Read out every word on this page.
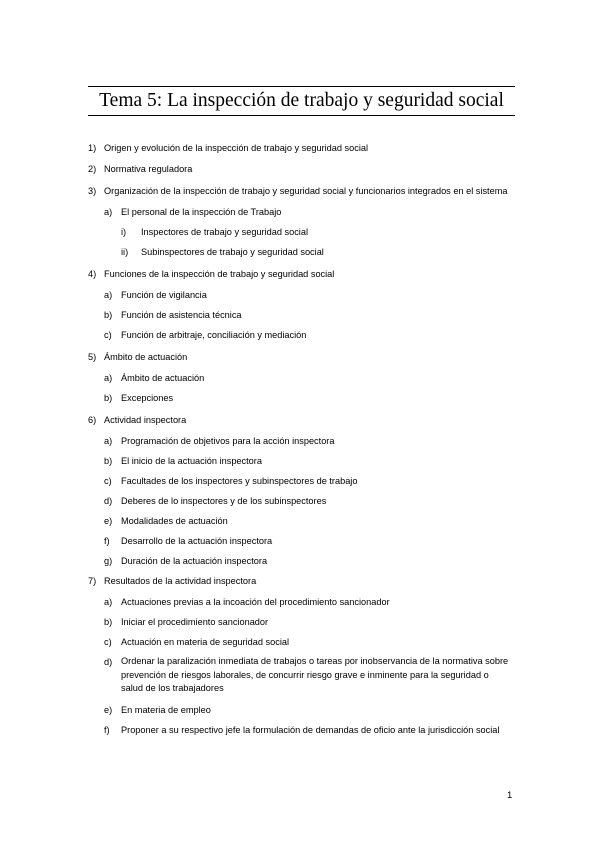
Tema 5: La inspección de trabajo y seguridad social
1) Origen y evolución de la inspección de trabajo y seguridad social
2) Normativa reguladora
3) Organización de la inspección de trabajo y seguridad social y funcionarios integrados en el sistema
a) El personal de la inspección de Trabajo
i) Inspectores de trabajo y seguridad social
ii) Subinspectores de trabajo y seguridad social
4) Funciones de la inspección de trabajo y seguridad social
a) Función de vigilancia
b) Función de asistencia técnica
c) Función de arbitraje, conciliación y mediación
5) Ámbito de actuación
a) Ámbito de actuación
b) Excepciones
6) Actividad inspectora
a) Programación de objetivos para la acción inspectora
b) El inicio de la actuación inspectora
c) Facultades de los inspectores y subinspectores de trabajo
d) Deberes de lo inspectores y de los subinspectores
e) Modalidades de actuación
f) Desarrollo de la actuación inspectora
g) Duración de la actuación inspectora
7) Resultados de la actividad inspectora
a) Actuaciones previas a la incoación del procedimiento sancionador
b) Iniciar el procedimiento sancionador
c) Actuación en materia de seguridad social
d) Ordenar la paralización inmediata de trabajos o tareas por inobservancia de la normativa sobre prevención de riesgos laborales, de concurrir riesgo grave e inminente para la seguridad o salud de los trabajadores
e) En materia de empleo
f) Proponer a su respectivo jefe la formulación de demandas de oficio ante la jurisdicción social
1
